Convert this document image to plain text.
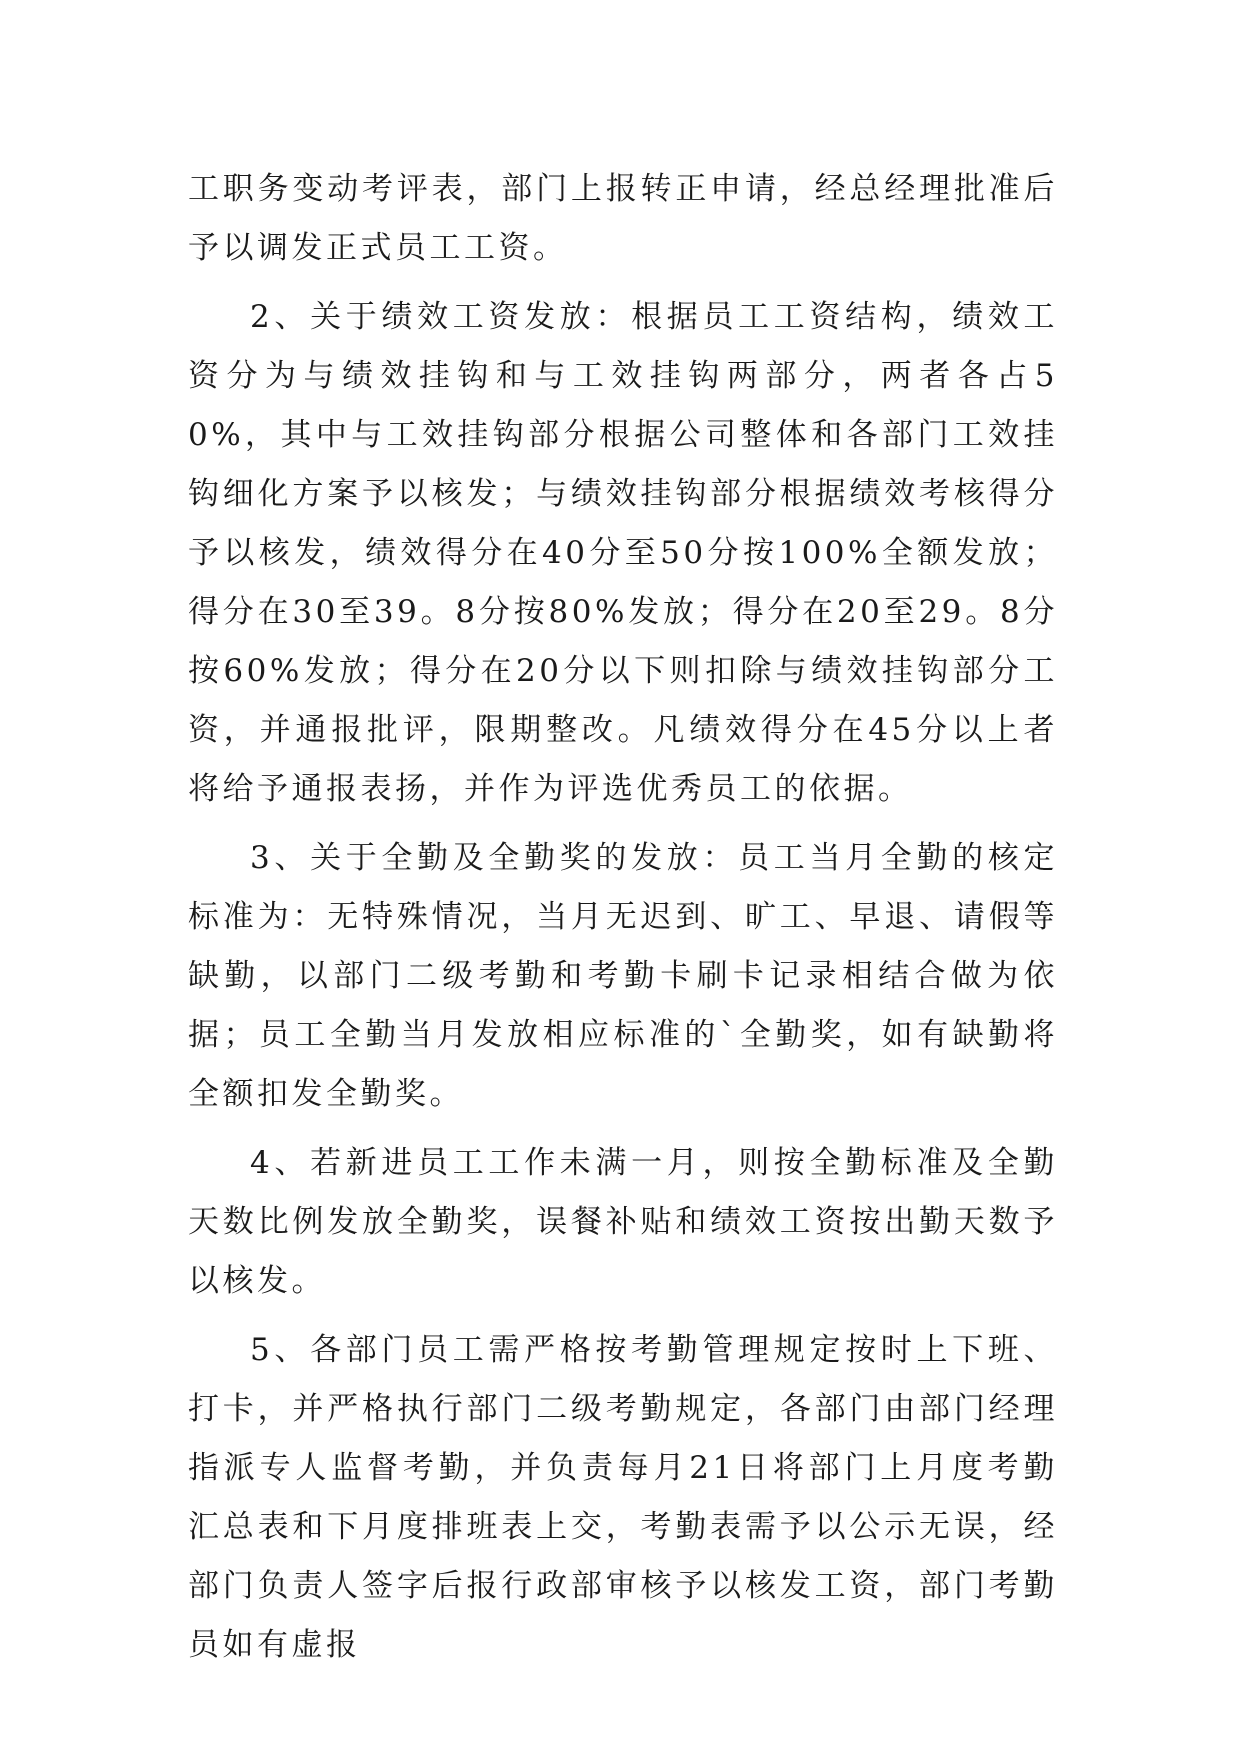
工职务变动考评表，部门上报转正申请，经总经理批准后予以调发正式员工工资。

2、关于绩效工资发放：根据员工工资结构，绩效工资分为与绩效挂钩和与工效挂钩两部分，两者各占50%，其中与工效挂钩部分根据公司整体和各部门工效挂钩细化方案予以核发；与绩效挂钩部分根据绩效考核得分予以核发，绩效得分在40分至50分按100%全额发放；得分在30至39。8分按80%发放；得分在20至29。8分按60%发放；得分在20分以下则扣除与绩效挂钩部分工资，并通报批评，限期整改。凡绩效得分在45分以上者将给予通报表扬，并作为评选优秀员工的依据。

3、关于全勤及全勤奖的发放：员工当月全勤的核定标准为：无特殊情况，当月无迟到、旷工、早退、请假等缺勤，以部门二级考勤和考勤卡刷卡记录相结合做为依据；员工全勤当月发放相应标准的`全勤奖，如有缺勤将全额扣发全勤奖。

4、若新进员工工作未满一月，则按全勤标准及全勤天数比例发放全勤奖，误餐补贴和绩效工资按出勤天数予以核发。

5、各部门员工需严格按考勤管理规定按时上下班、打卡，并严格执行部门二级考勤规定，各部门由部门经理指派专人监督考勤，并负责每月21日将部门上月度考勤汇总表和下月度排班表上交，考勤表需予以公示无误，经部门负责人签字后报行政部审核予以核发工资，部门考勤员如有虚报
